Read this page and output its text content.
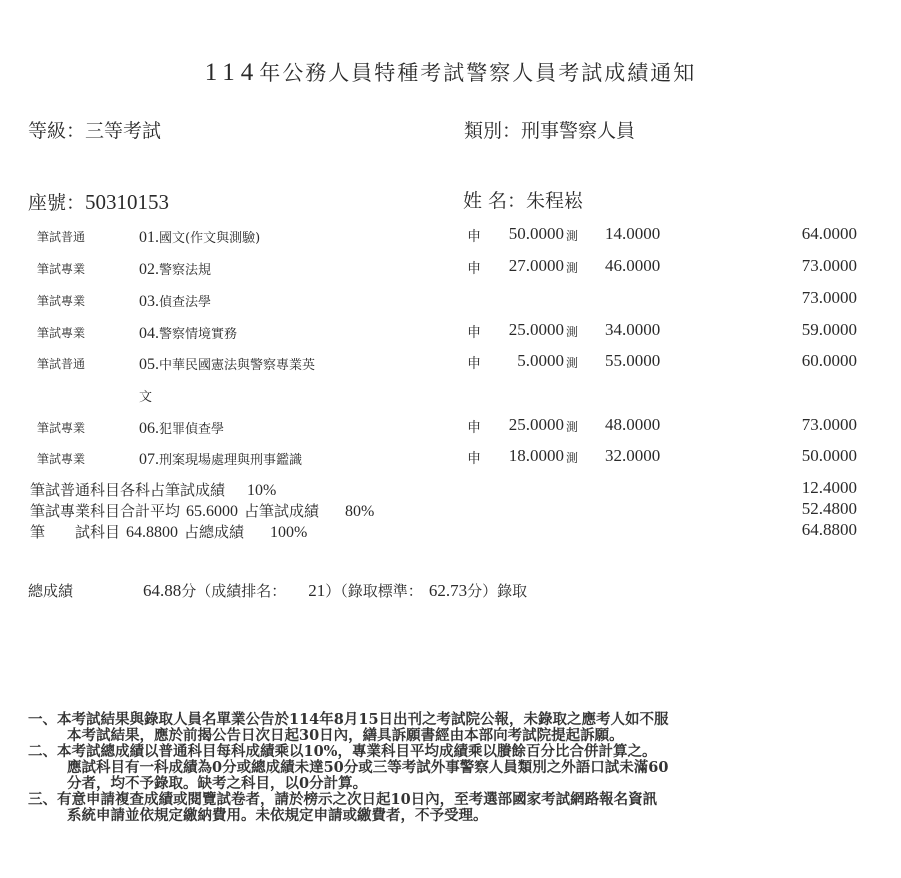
114年公務人員特種考試警察人員考試成績通知
等級：三等考試	類別：刑事警察人員
座號：50310153	姓 名：朱程崧
筆試普通	01.國文(作文與測驗)	申	50.0000 測 14.0000	64.0000
筆試專業	02.警察法規	申	27.0000 測 46.0000	73.0000
筆試專業	03.偵查法學	73.0000
筆試專業	04.警察情境實務	申	25.0000 測 34.0000	59.0000
筆試普通	05.中華民國憲法與警察專業英	申	5.0000 測 55.0000	60.0000
文
筆試專業	06.犯罪偵查學	申	25.0000 測 48.0000	73.0000
筆試專業	07.刑案現場處理與刑事鑑識	申	18.0000 測 32.0000	50.0000
筆試普通科目各科占筆試成績 10%	12.4000
筆試專業科目合計平均 65.6000 占筆試成績 80%	52.4800
筆 試科目 64.8800 占總成績 100%	64.8800
總成績	64.88分（成績排名： 21）（錄取標準： 62.73分）錄取
一、本考試結果與錄取人員名單業公告於114年8月15日出刊之考試院公報，未錄取之應考人如不服
本考試結果，應於前揭公告日次日起30日內，繕具訴願書經由本部向考試院提起訴願。
二、本考試總成績以普通科目每科成績乘以10%，專業科目平均成績乘以賸餘百分比合併計算之。
應試科目有一科成績為0分或總成績未達50分或三等考試外事警察人員類別之外語口試未滿60
分者，均不予錄取。缺考之科目，以0分計算。
三、有意申請複查成績或閱覽試卷者，請於榜示之次日起10日內，至考選部國家考試網路報名資訊
系統申請並依規定繳納費用。未依規定申請或繳費者，不予受理。
